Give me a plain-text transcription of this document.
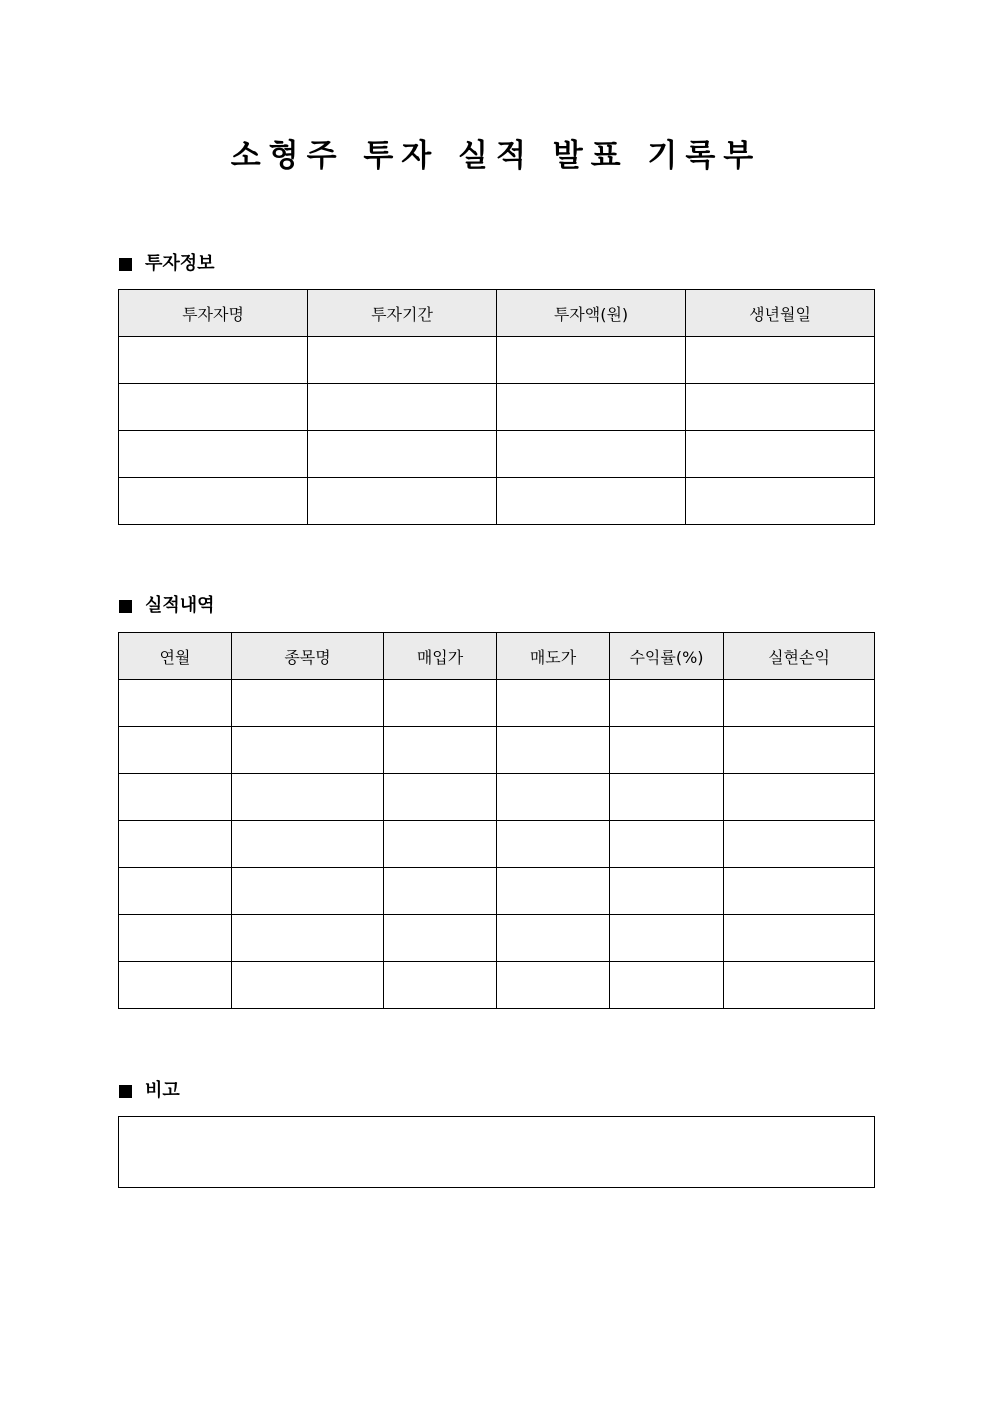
소형주 투자 실적 발표 기록부
투자정보
투자자명	투자기간	투자액(원)	생년월일

실적내역
연월	종목명	매입가	매도가	수익률(%)	실현손익

비고
